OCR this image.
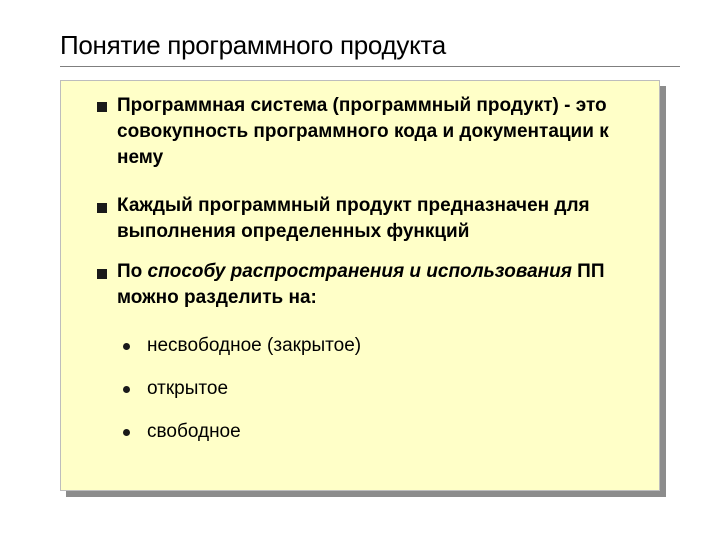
Понятие программного продукта
Программная система (программный продукт) - это
совокупность программного кода и документации к
нему
Каждый программный продукт предназначен для
выполнения определенных функций
По способу распространения и использования ПП
можно разделить на:
несвободное (закрытое)
открытое
свободное
